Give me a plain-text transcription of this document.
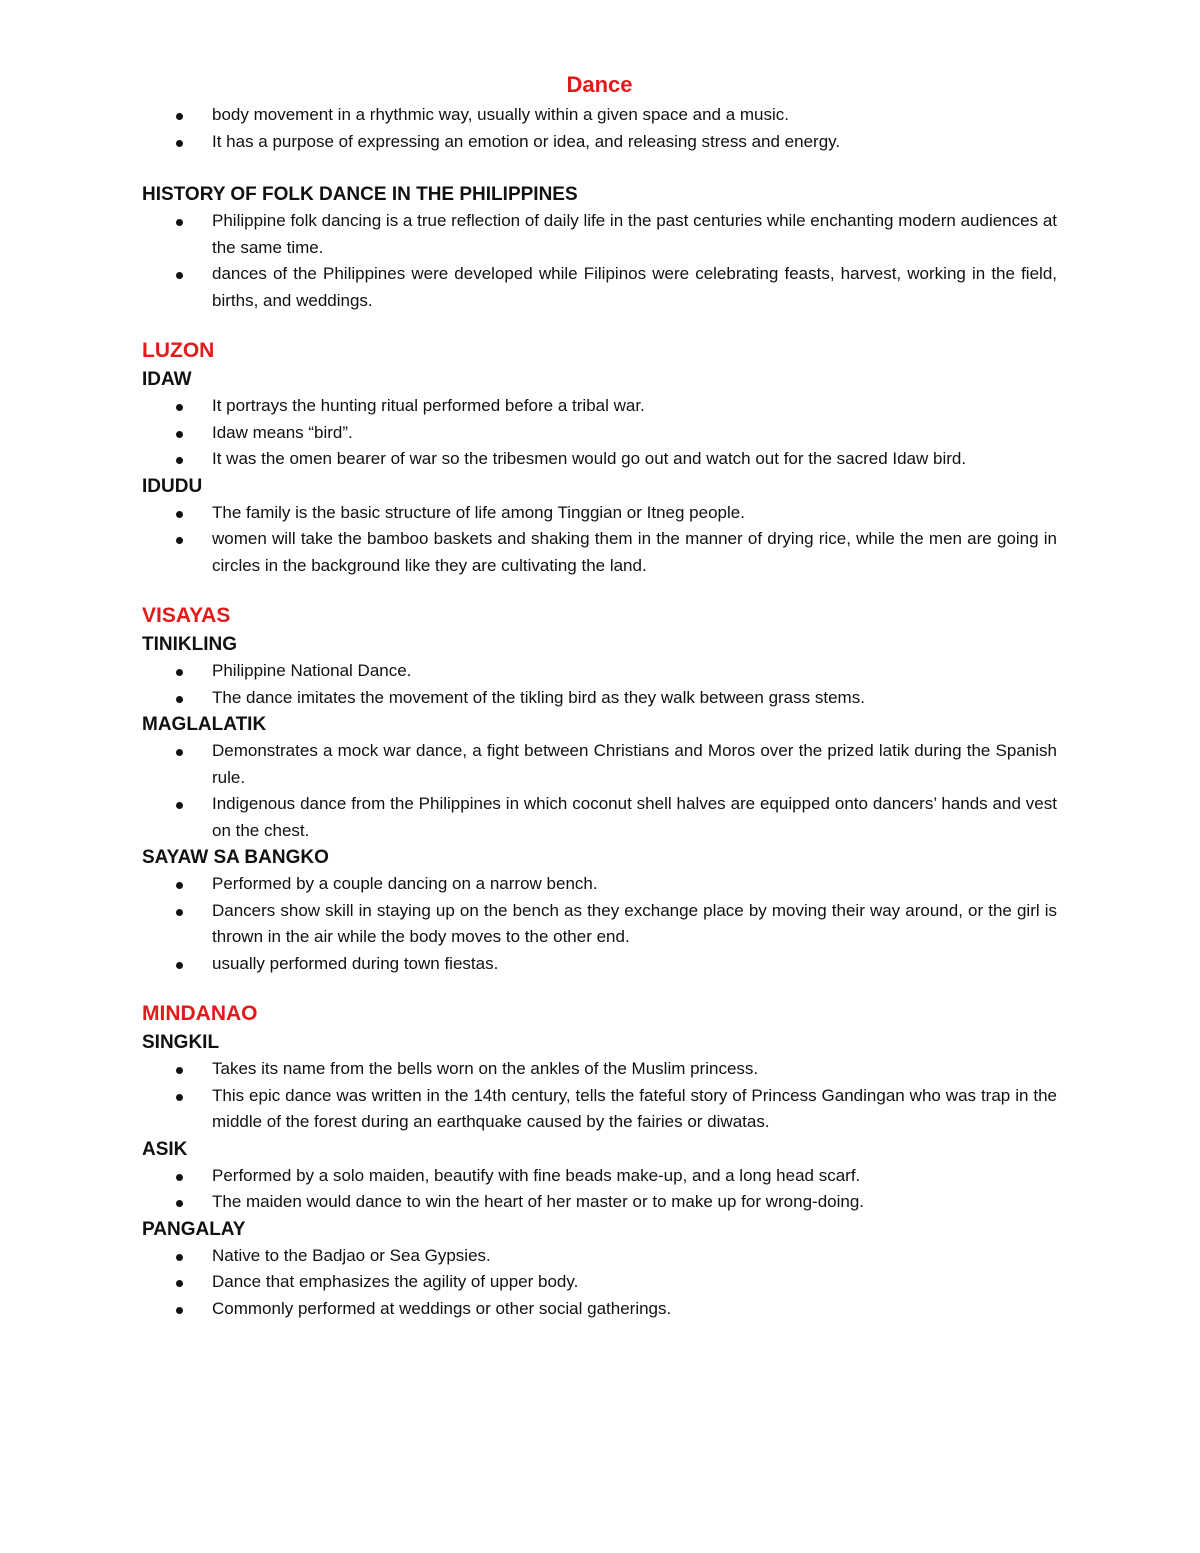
Dance
body movement in a rhythmic way, usually within a given space and a music.
It has a purpose of expressing an emotion or idea, and releasing stress and energy.
HISTORY OF FOLK DANCE IN THE PHILIPPINES
Philippine folk dancing is a true reflection of daily life in the past centuries while enchanting modern audiences at the same time.
dances of the Philippines were developed while Filipinos were celebrating feasts, harvest, working in the field, births, and weddings.
LUZON
IDAW
It portrays the hunting ritual performed before a tribal war.
Idaw means “bird”.
It was the omen bearer of war so the tribesmen would go out and watch out for the sacred Idaw bird.
IDUDU
The family is the basic structure of life among Tinggian or Itneg people.
women will take the bamboo baskets and shaking them in the manner of drying rice, while the men are going in circles in the background like they are cultivating the land.
VISAYAS
TINIKLING
Philippine National Dance.
The dance imitates the movement of the tikling bird as they walk between grass stems.
MAGLALATIK
Demonstrates a mock war dance, a fight between Christians and Moros over the prized latik during the Spanish rule.
Indigenous dance from the Philippines in which coconut shell halves are equipped onto dancers’ hands and vest on the chest.
SAYAW SA BANGKO
Performed by a couple dancing on a narrow bench.
Dancers show skill in staying up on the bench as they exchange place by moving their way around, or the girl is thrown in the air while the body moves to the other end.
usually performed during town fiestas.
MINDANAO
SINGKIL
Takes its name from the bells worn on the ankles of the Muslim princess.
This epic dance was written in the 14th century, tells the fateful story of Princess Gandingan who was trap in the middle of the forest during an earthquake caused by the fairies or diwatas.
ASIK
Performed by a solo maiden, beautify with fine beads make-up, and a long head scarf.
The maiden would dance to win the heart of her master or to make up for wrong-doing.
PANGALAY
Native to the Badjao or Sea Gypsies.
Dance that emphasizes the agility of upper body.
Commonly performed at weddings or other social gatherings.
